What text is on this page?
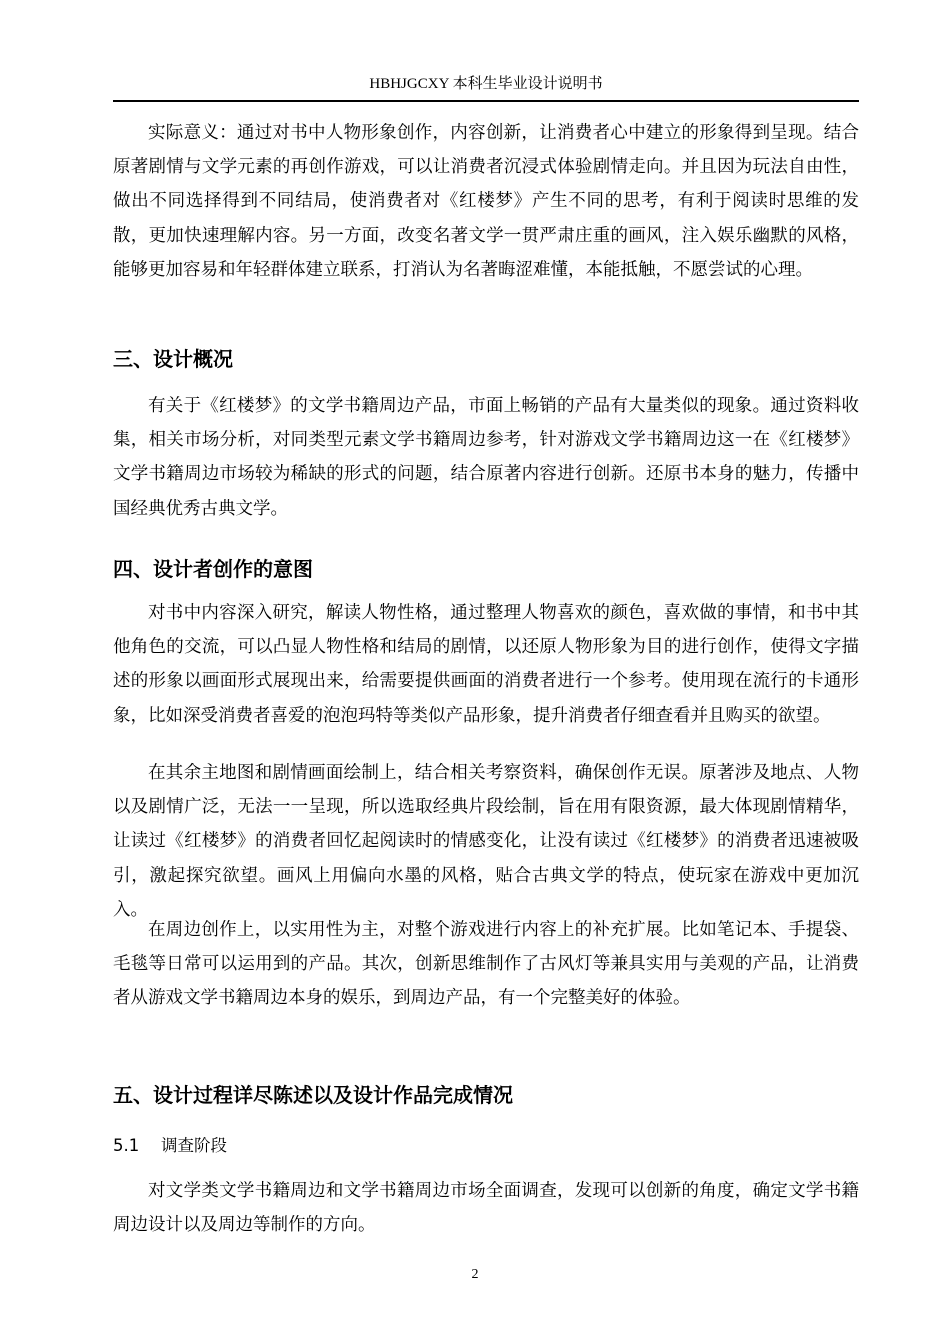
HBHJGCXY 本科生毕业设计说明书

实际意义：通过对书中人物形象创作，内容创新，让消费者心中建立的形象得到呈现。结合原著剧情与文学元素的再创作游戏，可以让消费者沉浸式体验剧情走向。并且因为玩法自由性，做出不同选择得到不同结局，使消费者对《红楼梦》产生不同的思考，有利于阅读时思维的发散，更加快速理解内容。另一方面，改变名著文学一贯严肃庄重的画风，注入娱乐幽默的风格，能够更加容易和年轻群体建立联系，打消认为名著晦涩难懂，本能抵触，不愿尝试的心理。

三、设计概况

有关于《红楼梦》的文学书籍周边产品，市面上畅销的产品有大量类似的现象。通过资料收集，相关市场分析，对同类型元素文学书籍周边参考，针对游戏文学书籍周边这一在《红楼梦》文学书籍周边市场较为稀缺的形式的问题，结合原著内容进行创新。还原书本身的魅力，传播中国经典优秀古典文学。

四、设计者创作的意图

对书中内容深入研究，解读人物性格，通过整理人物喜欢的颜色，喜欢做的事情，和书中其他角色的交流，可以凸显人物性格和结局的剧情，以还原人物形象为目的进行创作，使得文字描述的形象以画面形式展现出来，给需要提供画面的消费者进行一个参考。使用现在流行的卡通形象，比如深受消费者喜爱的泡泡玛特等类似产品形象，提升消费者仔细查看并且购买的欲望。

在其余主地图和剧情画面绘制上，结合相关考察资料，确保创作无误。原著涉及地点、人物以及剧情广泛，无法一一呈现，所以选取经典片段绘制，旨在用有限资源，最大体现剧情精华，让读过《红楼梦》的消费者回忆起阅读时的情感变化，让没有读过《红楼梦》的消费者迅速被吸引，激起探究欲望。画风上用偏向水墨的风格，贴合古典文学的特点，使玩家在游戏中更加沉入。

在周边创作上，以实用性为主，对整个游戏进行内容上的补充扩展。比如笔记本、手提袋、毛毯等日常可以运用到的产品。其次，创新思维制作了古风灯等兼具实用与美观的产品，让消费者从游戏文学书籍周边本身的娱乐，到周边产品，有一个完整美好的体验。

五、设计过程详尽陈述以及设计作品完成情况
5.1 调查阶段

对文学类文学书籍周边和文学书籍周边市场全面调查，发现可以创新的角度，确定文学书籍周边设计以及周边等制作的方向。

2
